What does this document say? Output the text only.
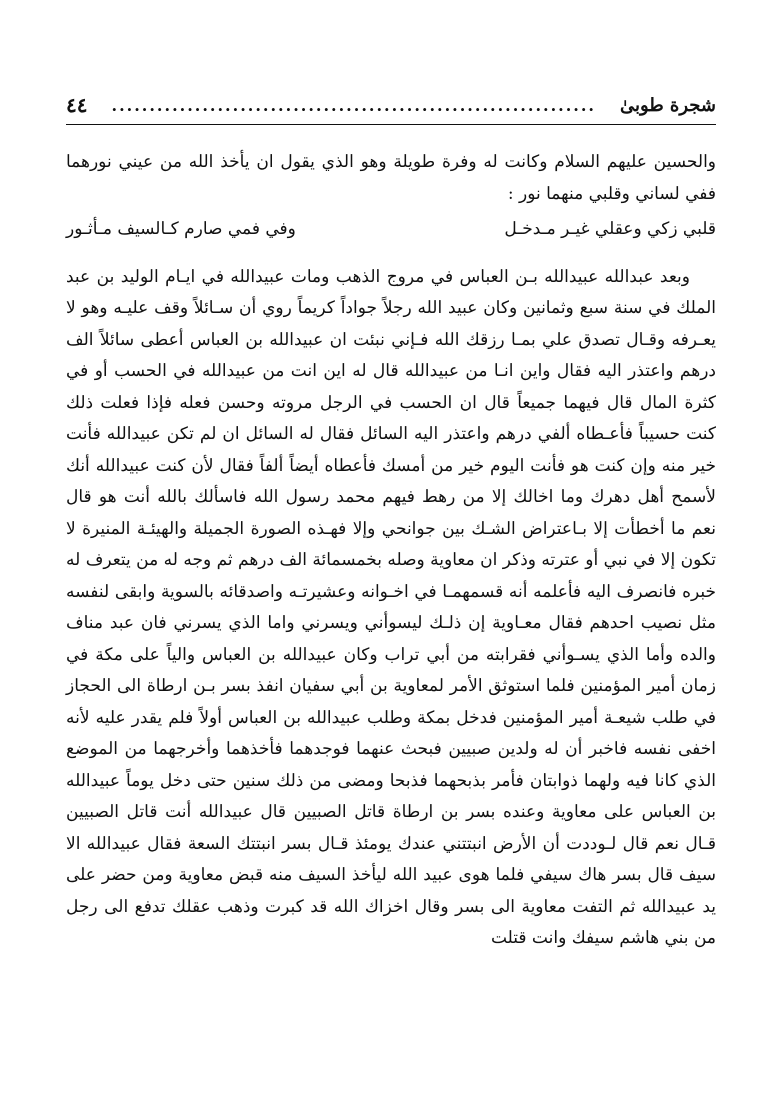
شجرة طوبىٰ
................................................................
٤٤

والحسين عليهم السلام وكانت له وفرة طويلة وهو الذي يقول ان يأخذ الله من عيني نورهما ففي لساني وقلبي منهما نور :

قلبي زكي وعقلي غيـر مـدخـل
وفي فمي صارم كـالسيف مـأثـور

وبعد عبدالله عبيدالله بـن العباس في مروج الذهب ومات عبيدالله في ايـام الوليد بن عبد الملك في سنة سبع وثمانين وكان عبيد الله رجلاً جواداً كريماً روي أن سـائلاً وقف عليـه وهو لا يعـرفه وقـال تصدق علي بمـا رزقك الله فـإني نبئت ان عبيدالله بن العباس أعطى سائلاً الف درهم واعتذر اليه فقال واين انـا من عبيدالله قال له اين انت من عبيدالله في الحسب أو في كثرة المال قال فيهما جميعاً قال ان الحسب في الرجل مروته وحسن فعله فإذا فعلت ذلك كنت حسيباً فأعـطاه ألفي درهم واعتذر اليه السائل فقال له السائل ان لم تكن عبيدالله فأنت خير منه وإن كنت هو فأنت اليوم خير من أمسك فأعطاه أيضاً ألفاً فقال لأن كنت عبيدالله أنك لأسمح أهل دهرك وما اخالك إلا من رهط فيهم محمد رسول الله فاسألك بالله أنت هو قال نعم ما أخطأت إلا بـاعتراض الشـك بين جوانحي وإلا فهـذه الصورة الجميلة والهيئـة المنيرة لا تكون إلا في نبي أو عترته وذكر ان معاوية وصله بخمسمائة الف درهم ثم وجه له من يتعرف له خبره فانصرف اليه فأعلمه أنه قسمهمـا في اخـوانه وعشيرتـه واصدقائه بالسوية وابقى لنفسه مثل نصيب احدهم فقال معـاوية إن ذلـك ليسوأني ويسرني واما الذي يسرني فان عبد مناف والده وأما الذي يسـوأني فقرابته من أبي تراب وكان عبيدالله بن العباس والياً على مكة في زمان أمير المؤمنين فلما استوثق الأمر لمعاوية بن أبي سفيان انفذ بسر بـن ارطاة الى الحجاز في طلب شيعـة أمير المؤمنين فدخل بمكة وطلب عبيدالله بن العباس أولاً فلم يقدر عليه لأنه اخفى نفسه فاخبر أن له ولدين صبيين فبحث عنهما فوجدهما فأخذهما وأخرجهما من الموضع الذي كانا فيه ولهما ذوابتان فأمر بذبحهما فذبحا ومضى من ذلك سنين حتى دخل يوماً عبيدالله بن العباس على معاوية وعنده بسر بن ارطاة قاتل الصبيين قال عبيدالله أنت قاتل الصبيين قـال نعم قال لـوددت أن الأرض انبتتني عندك يومئذ قـال بسر انبتتك السعة فقال عبيدالله الا سيف قال بسر هاك سيفي فلما هوى عبيد الله ليأخذ السيف منه قبض معاوية ومن حضر على يد عبيدالله ثم التفت معاوية الى بسر وقال اخزاك الله قد كبرت وذهب عقلك تدفع الى رجل من بني هاشم سيفك وانت قتلت
